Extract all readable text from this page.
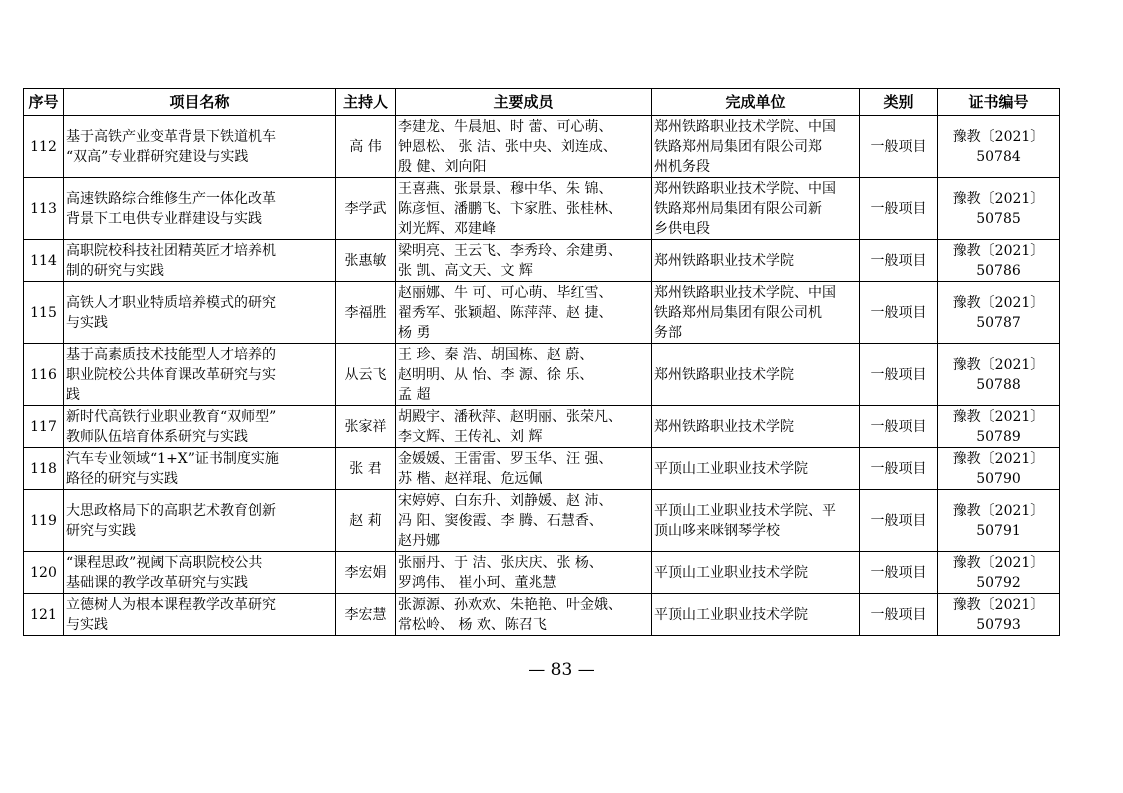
序号	项目名称	主持人	主要成员	完成单位	类别	证书编号
112	基于高铁产业变革背景下铁道机车
“双高”专业群研究建设与实践	高 伟	李建龙、牛晨旭、时 蕾、可心萌、
钟恩松、 张 洁、张中央、刘连成、
殷 健、刘向阳	郑州铁路职业技术学院、中国
铁路郑州局集团有限公司郑
州机务段	一般项目	豫教〔2021〕50784
113	高速铁路综合维修生产一体化改革
背景下工电供专业群建设与实践	李学武	王喜燕、张景景、穆中华、朱 锦、
陈彦恒、潘鹏飞、卞家胜、张桂林、
刘光辉、邓建峰	郑州铁路职业技术学院、中国
铁路郑州局集团有限公司新
乡供电段	一般项目	豫教〔2021〕50785
114	高职院校科技社团精英匠才培养机
制的研究与实践	张惠敏	梁明亮、王云飞、李秀玲、余建勇、
张 凯、高文天、文 辉	郑州铁路职业技术学院	一般项目	豫教〔2021〕50786
115	高铁人才职业特质培养模式的研究
与实践	李福胜	赵丽娜、牛 可、可心萌、毕红雪、
翟秀军、张颖超、陈萍萍、赵 捷、
杨 勇	郑州铁路职业技术学院、中国
铁路郑州局集团有限公司机
务部	一般项目	豫教〔2021〕50787
116	基于高素质技术技能型人才培养的
职业院校公共体育课改革研究与实
践	从云飞	王 珍、秦 浩、胡国栋、赵 蔚、
赵明明、从 怡、李 源、徐 乐、
孟 超	郑州铁路职业技术学院	一般项目	豫教〔2021〕50788
117	新时代高铁行业职业教育“双师型”
教师队伍培育体系研究与实践	张家祥	胡殿宇、潘秋萍、赵明丽、张荣凡、
李文辉、王传礼、刘 辉	郑州铁路职业技术学院	一般项目	豫教〔2021〕50789
118	汽车专业领域“1+X”证书制度实施
路径的研究与实践	张 君	金媛媛、王雷雷、罗玉华、汪 强、
苏 楷、赵祥琨、危远佩	平顶山工业职业技术学院	一般项目	豫教〔2021〕50790
119	大思政格局下的高职艺术教育创新
研究与实践	赵 莉	宋婷婷、白东升、刘静媛、赵 沛、
冯 阳、窦俊霞、李 腾、石慧香、
赵丹娜	平顶山工业职业技术学院、平
顶山哆来咪钢琴学校	一般项目	豫教〔2021〕50791
120	“课程思政”视阈下高职院校公共
基础课的教学改革研究与实践	李宏娟	张丽丹、于 洁、张庆庆、张 杨、
罗鸿伟、 崔小珂、董兆慧	平顶山工业职业技术学院	一般项目	豫教〔2021〕50792
121	立德树人为根本课程教学改革研究
与实践	李宏慧	张源源、孙欢欢、朱艳艳、叶金娥、
常松岭、 杨 欢、陈召飞	平顶山工业职业技术学院	一般项目	豫教〔2021〕50793
— 83 —
